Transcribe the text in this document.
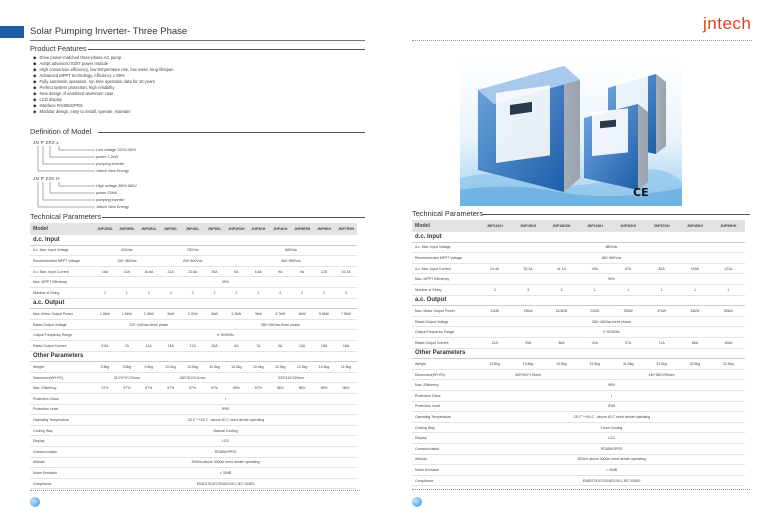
Solar Pumping Inverter- Three Phase
Product Features
◆ Drive power-matched three-phase AC pump
◆ Adopt advanced IGBT power module
◆ High conversion efficiency, low temperature rise, low noise, long lifespan
◆ Advanced MPPT technology, efficiency ≥ 99%
◆ Fully automatic operation, run time operation data for 10 years
◆ Perfect system protection, high reliability
◆ New design of anodized aluminum case
◆ LCD display
◆ Interface RS485/GPRS
◆ Modular design, easy to install, operate, maintain
Definition of Model
JN P 2R2 L
Low voltage 220V-280V
power 2.2kW
pumping inverter
Jntech New Energy
JN P 22K H
High voltage 380V-860V
power 22kW
pumping inverter
Jntech New Energy
Technical Parameters
Model	JNP1R5L	JNP2R5L	JNP2R2L	JNP3KL	JNP4KL	JNP5KL	JNP2R2H	JNP3KH	JNP4KH	JNP5R5H	JNP5KH	JNP7R5H
d.c. Input												
d.c. Max. Input Voltage	400Vdc			750Vdc			860Vdc					
Recommended MPPT Voltage	150~380Vdc			200~600Vdc			460~850Vdc					
d.c. Max. Input Current	16A	10A	10.6A	21A	23.6A	25A	5A	6.8A	9A	9A	12A	16.3A
Max. MPPT Efficiency	99%											
Number of String	1	1	2	2	2	2	2	2	2	2	2	3
a.c. Output												
Max. Motor Output Power	1.5kW	1.5kW	2.2kW	3kW	3.7kW	4kW	2.2kW	3kW	3.7kW	4kW	5.5kW	7.5kW
Rated Output Voltage	220~240Vac,three phase					380~460Vac,three phase						
Output Frequency Range	0~50/60Hz											
Rated Output Current	5.5A	7A	11A	14A	17A	20A	6A	7A	9A	10A	15A	18A
Other Parameters												
Weight	9.5kg	9.5kg	9.5kg	10.5kg	10.5kg	10.5kg	10.5kg	10.9kg	10.9kg	10.9kg	10.9kg	11.9kg
Dimension(W*H*D)	310*270*170mm			330*310*211mm			320*310*220mm					
Max. Efficiency	97%	97%	97%	97%	97%	97%	96%	97%	98%	98%	98%	98%
Protection Class	I											
Protection Level	IP65											
Operating Temperature	-25 C°~+60 C ; above 40 C need derate operating											
Cooling Way	Natural Cooling											
Display	LCD											
Communication	RS485/GPRS											
Altitude	3000m,above 3000m need derate operating											
Noise Emission	< 30dB											
Compliance	EN50178,IEC/EN62109-1,IEC 61800											
jntech
CE
Technical Parameters
Model	JNP11KH	JNP15KH	JNP18K5H	JNP22KH	JNP30KH	JNP37KH	JNP45KH	JNP55KH
d.c. Input								
d.c. Max. Input Voltage	880Vdc							
Recommended MPPT Voltage	460~850Vdc							
d.c. Max. Input Current	24.4A	33.3A	41.1A	49A	67A	82A	100A	122A
Max. MPPT Efficiency	99%							
Number of String	3	3	3	1	1	1	1	1
a.c. Output								
Max. Motor Output Power	11kW	15kW	18.5kW	22kW	30kW	37kW	45kW	55kW
Rated Output Voltage	380~460Vac,three phase							
Output Frequency Range	0~50/60Hz							
Rated Output Current	21A	29A	36A	42A	57A	71A	86A	106A
Other Parameters								
Weight	19.8kg	19.8kg	19.8kg	31.5kg	31.5kg	31.5kg	32.5kg	32.5kg
Dimension(W*H*D)	360*500*176mm			440*580*253mm				
Max. Efficiency	98%							
Protection Class	I							
Protection Level	IP65							
Operating Temperature	-25 C°~+60 C ; above 40 C need derate operating							
Cooling Way	Force Cooling							
Display	LCD							
Communication	RS485/GPRS							
Altitude	3000m,above 3000m need derate operating							
Noise Emission	< 30dB							
Compliance	EN50178,IEC/EN62109-1,IEC 61800							
